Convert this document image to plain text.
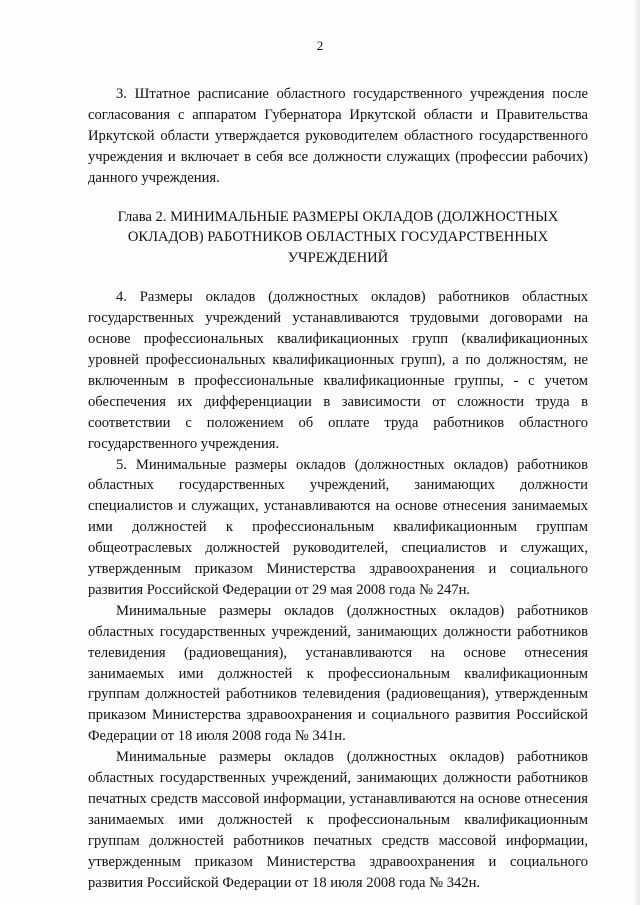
2

3. Штатное расписание областного государственного учреждения после согласования с аппаратом Губернатора Иркутской области и Правительства Иркутской области утверждается руководителем областного государственного учреждения и включает в себя все должности служащих (профессии рабочих) данного учреждения.

Глава 2. МИНИМАЛЬНЫЕ РАЗМЕРЫ ОКЛАДОВ (ДОЛЖНОСТНЫХ ОКЛАДОВ) РАБОТНИКОВ ОБЛАСТНЫХ ГОСУДАРСТВЕННЫХ УЧРЕЖДЕНИЙ

4. Размеры окладов (должностных окладов) работников областных государственных учреждений устанавливаются трудовыми договорами на основе профессиональных квалификационных групп (квалификационных уровней профессиональных квалификационных групп), а по должностям, не включенным в профессиональные квалификационные группы, - с учетом обеспечения их дифференциации в зависимости от сложности труда в соответствии с положением об оплате труда работников областного государственного учреждения.

5. Минимальные размеры окладов (должностных окладов) работников областных государственных учреждений, занимающих должности специалистов и служащих, устанавливаются на основе отнесения занимаемых ими должностей к профессиональным квалификационным группам общеотраслевых должностей руководителей, специалистов и служащих, утвержденным приказом Министерства здравоохранения и социального развития Российской Федерации от 29 мая 2008 года № 247н.

Минимальные размеры окладов (должностных окладов) работников областных государственных учреждений, занимающих должности работников телевидения (радиовещания), устанавливаются на основе отнесения занимаемых ими должностей к профессиональным квалификационным группам должностей работников телевидения (радиовещания), утвержденным приказом Министерства здравоохранения и социального развития Российской Федерации от 18 июля 2008 года № 341н.

Минимальные размеры окладов (должностных окладов) работников областных государственных учреждений, занимающих должности работников печатных средств массовой информации, устанавливаются на основе отнесения занимаемых ими должностей к профессиональным квалификационным группам должностей работников печатных средств массовой информации, утвержденным приказом Министерства здравоохранения и социального развития Российской Федерации от 18 июля 2008 года № 342н.
